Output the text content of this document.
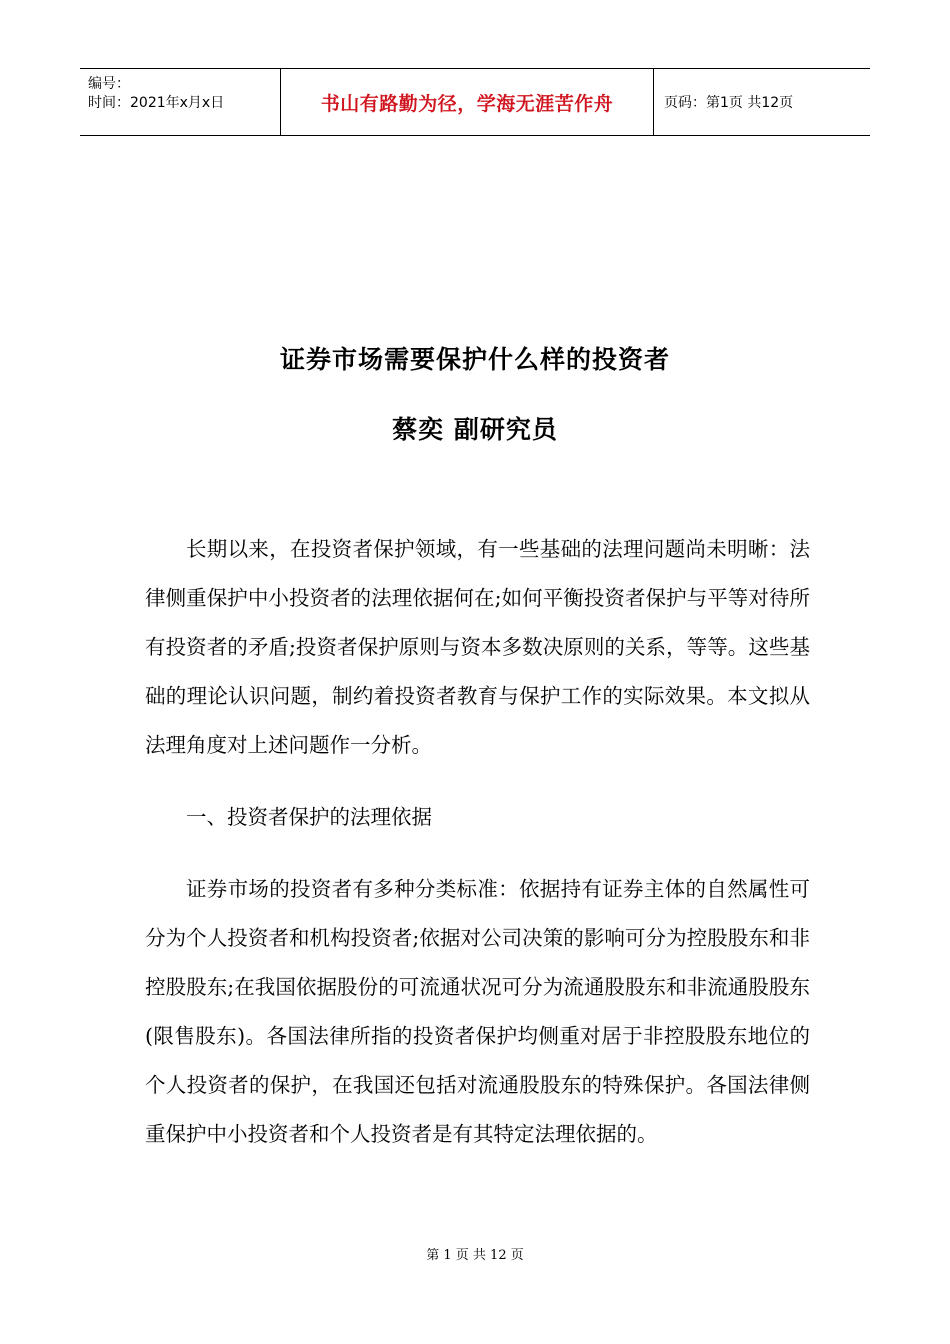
编号：
时间：2021年x月x日	书山有路勤为径，学海无涯苦作舟	页码：第1页 共12页
证券市场需要保护什么样的投资者
蔡奕 副研究员

长期以来，在投资者保护领域，有一些基础的法理问题尚未明晰：法律侧重保护中小投资者的法理依据何在;如何平衡投资者保护与平等对待所有投资者的矛盾;投资者保护原则与资本多数决原则的关系，等等。这些基础的理论认识问题，制约着投资者教育与保护工作的实际效果。本文拟从法理角度对上述问题作一分析。

一、投资者保护的法理依据

证券市场的投资者有多种分类标准：依据持有证券主体的自然属性可分为个人投资者和机构投资者;依据对公司决策的影响可分为控股股东和非控股股东;在我国依据股份的可流通状况可分为流通股股东和非流通股股东(限售股东)。各国法律所指的投资者保护均侧重对居于非控股股东地位的个人投资者的保护，在我国还包括对流通股股东的特殊保护。各国法律侧重保护中小投资者和个人投资者是有其特定法理依据的。

第 1 页 共 12 页
